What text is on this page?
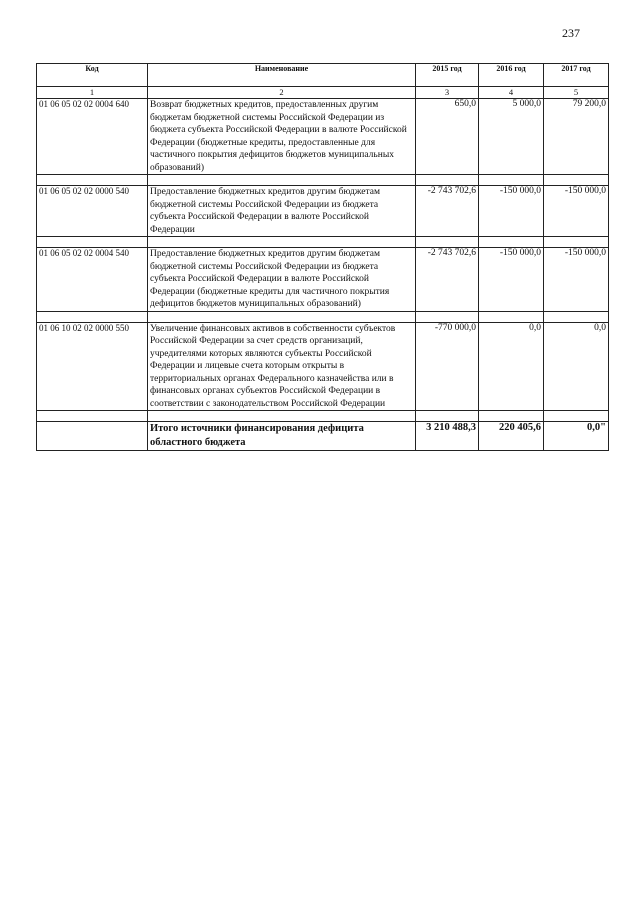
237
Код	Наименование	2015 год	2016 год	2017 год
1	2	3	4	5
01 06 05 02 02 0004 640	Возврат бюджетных кредитов, предоставленных другим бюджетам бюджетной системы Российской Федерации из бюджета субъекта Российской Федерации в валюте Российской Федерации (бюджетные кредиты, предоставленные для частичного покрытия дефицитов бюджетов муниципальных образований)	650,0	5 000,0	79 200,0

01 06 05 02 02 0000 540	Предоставление бюджетных кредитов другим бюджетам бюджетной системы Российской Федерации из бюджета субъекта Российской Федерации в валюте Российской Федерации	-2 743 702,6	-150 000,0	-150 000,0

01 06 05 02 02 0004 540	Предоставление бюджетных кредитов другим бюджетам бюджетной системы Российской Федерации из бюджета субъекта Российской Федерации в валюте Российской Федерации (бюджетные кредиты для частичного покрытия дефицитов бюджетов муниципальных образований)	-2 743 702,6	-150 000,0	-150 000,0

01 06 10 02 02 0000 550	Увеличение финансовых активов в собственности субъектов Российской Федерации за счет средств организаций, учредителями которых являются субъекты Российской Федерации и лицевые счета которым открыты в территориальных органах Федерального казначейства или в финансовых органах субъектов Российской Федерации в соответствии с законодательством Российской Федерации	-770 000,0	0,0	0,0

	Итого источники финансирования дефицита областного бюджета	3 210 488,3	220 405,6	0,0"
